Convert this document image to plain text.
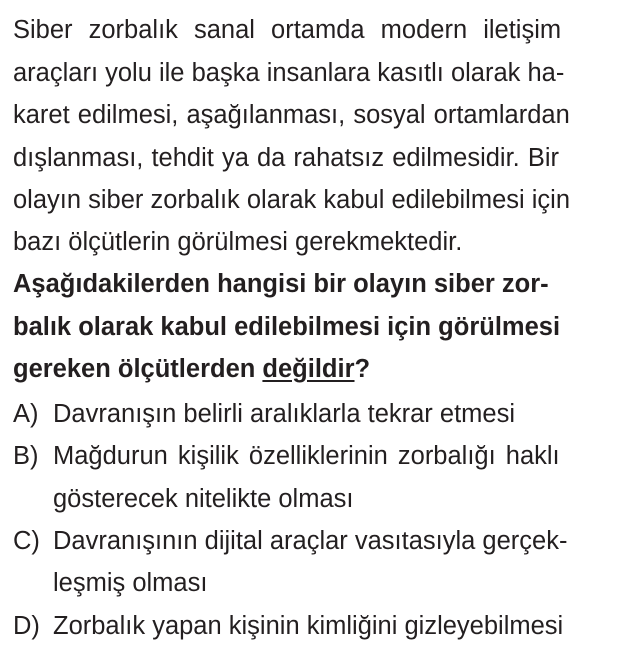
Siber zorbalık sanal ortamda modern iletişim
araçları yolu ile başka insanlara kasıtlı olarak ha-
karet edilmesi, aşağılanması, sosyal ortamlardan
dışlanması, tehdit ya da rahatsız edilmesidir. Bir
olayın siber zorbalık olarak kabul edilebilmesi için
bazı ölçütlerin görülmesi gerekmektedir.
Aşağıdakilerden hangisi bir olayın siber zor-
balık olarak kabul edilebilmesi için görülmesi
gereken ölçütlerden değildir?
A) Davranışın belirli aralıklarla tekrar etmesi
B) Mağdurun kişilik özelliklerinin zorbalığı haklı
gösterecek nitelikte olması
C) Davranışının dijital araçlar vasıtasıyla gerçek-
leşmiş olması
D) Zorbalık yapan kişinin kimliğini gizleyebilmesi
